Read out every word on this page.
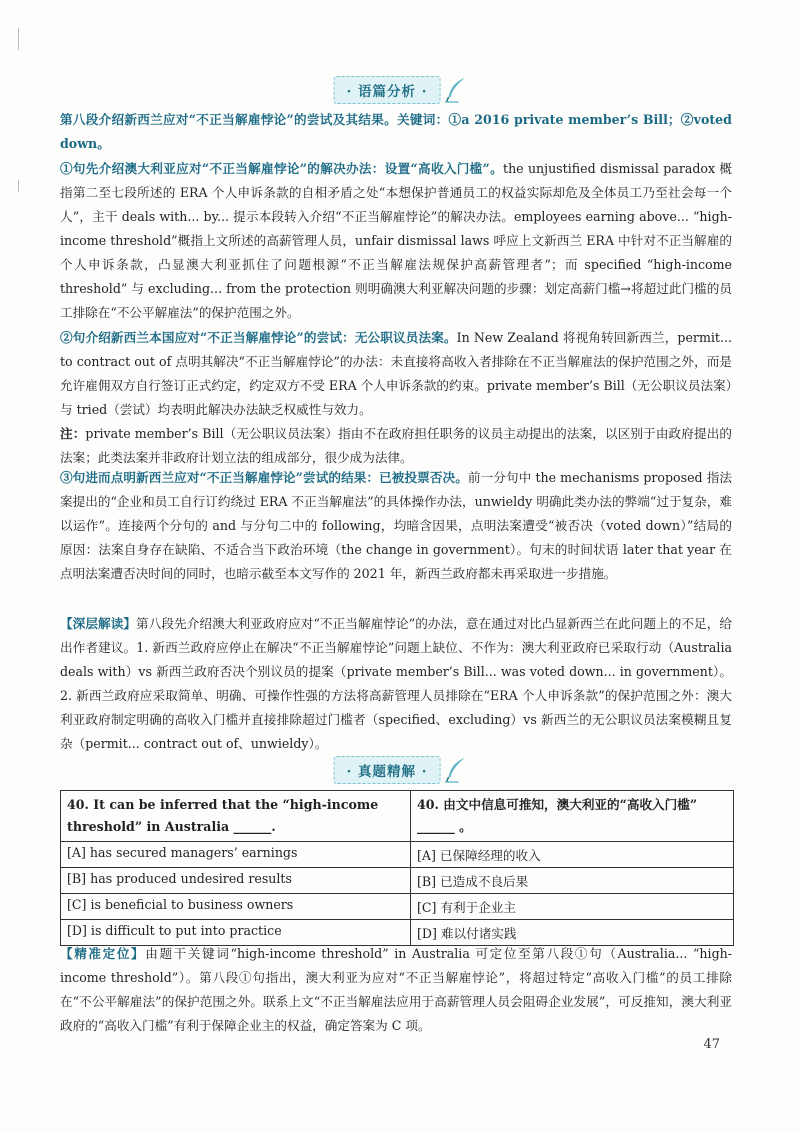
· 语篇分析 ·
第八段介绍新西兰应对“不正当解雇悖论”的尝试及其结果。关键词：①a 2016 private member’s Bill；②voted down。
①句先介绍澳大利亚应对“不正当解雇悖论”的解决办法：设置“高收入门槛”。the unjustified dismissal paradox 概指第二至七段所述的 ERA 个人申诉条款的自相矛盾之处“本想保护普通员工的权益实际却危及全体员工乃至社会每一个人”，主干 deals with... by... 提示本段转入介绍“不正当解雇悖论”的解决办法。employees earning above... “high-income threshold”概指上文所述的高薪管理人员，unfair dismissal laws 呼应上文新西兰 ERA 中针对不正当解雇的个人申诉条款，凸显澳大利亚抓住了问题根源“不正当解雇法规保护高薪管理者”；而 specified “high-income threshold” 与 excluding... from the protection 则明确澳大利亚解决问题的步骤：划定高薪门槛→将超过此门槛的员工排除在“不公平解雇法”的保护范围之外。
②句介绍新西兰本国应对“不正当解雇悖论”的尝试：无公职议员法案。In New Zealand 将视角转回新西兰，permit... to contract out of 点明其解决“不正当解雇悖论”的办法：未直接将高收入者排除在不正当解雇法的保护范围之外，而是允许雇佣双方自行签订正式约定，约定双方不受 ERA 个人申诉条款的约束。private member’s Bill（无公职议员法案）与 tried（尝试）均表明此解决办法缺乏权威性与效力。
注：private member’s Bill（无公职议员法案）指由不在政府担任职务的议员主动提出的法案，以区别于由政府提出的法案；此类法案并非政府计划立法的组成部分，很少成为法律。
③句进而点明新西兰应对“不正当解雇悖论”尝试的结果：已被投票否决。前一分句中 the mechanisms proposed 指法案提出的“企业和员工自行订约绕过 ERA 不正当解雇法”的具体操作办法，unwieldy 明确此类办法的弊端“过于复杂，难以运作”。连接两个分句的 and 与分句二中的 following，均暗含因果，点明法案遭受“被否决（voted down）”结局的原因：法案自身存在缺陷、不适合当下政治环境（the change in government）。句末的时间状语 later that year 在点明法案遭否决时间的同时，也暗示截至本文写作的 2021 年，新西兰政府都未再采取进一步措施。
【深层解读】第八段先介绍澳大利亚政府应对“不正当解雇悖论”的办法，意在通过对比凸显新西兰在此问题上的不足，给出作者建议。1. 新西兰政府应停止在解决“不正当解雇悖论”问题上缺位、不作为：澳大利亚政府已采取行动（Australia deals with）vs 新西兰政府否决个别议员的提案（private member’s Bill... was voted down... in government）。2. 新西兰政府应采取简单、明确、可操作性强的方法将高薪管理人员排除在“ERA 个人申诉条款”的保护范围之外：澳大利亚政府制定明确的高收入门槛并直接排除超过门槛者（specified、excluding）vs 新西兰的无公职议员法案模糊且复杂（permit... contract out of、unwieldy）。
· 真题精解 ·
40. It can be inferred that the “high-income threshold” in Australia ______.	40. 由文中信息可推知，澳大利亚的“高收入门槛” ______ 。
[A] has secured managers’ earnings	[A] 已保障经理的收入
[B] has produced undesired results	[B] 已造成不良后果
[C] is beneficial to business owners	[C] 有利于企业主
[D] is difficult to put into practice	[D] 难以付诸实践
【精准定位】由题干关键词“high-income threshold” in Australia 可定位至第八段①句（Australia... “high-income threshold”）。第八段①句指出，澳大利亚为应对“不正当解雇悖论”，将超过特定“高收入门槛”的员工排除在“不公平解雇法”的保护范围之外。联系上文“不正当解雇法应用于高薪管理人员会阻碍企业发展”，可反推知，澳大利亚政府的“高收入门槛”有利于保障企业主的权益，确定答案为 C 项。
47
